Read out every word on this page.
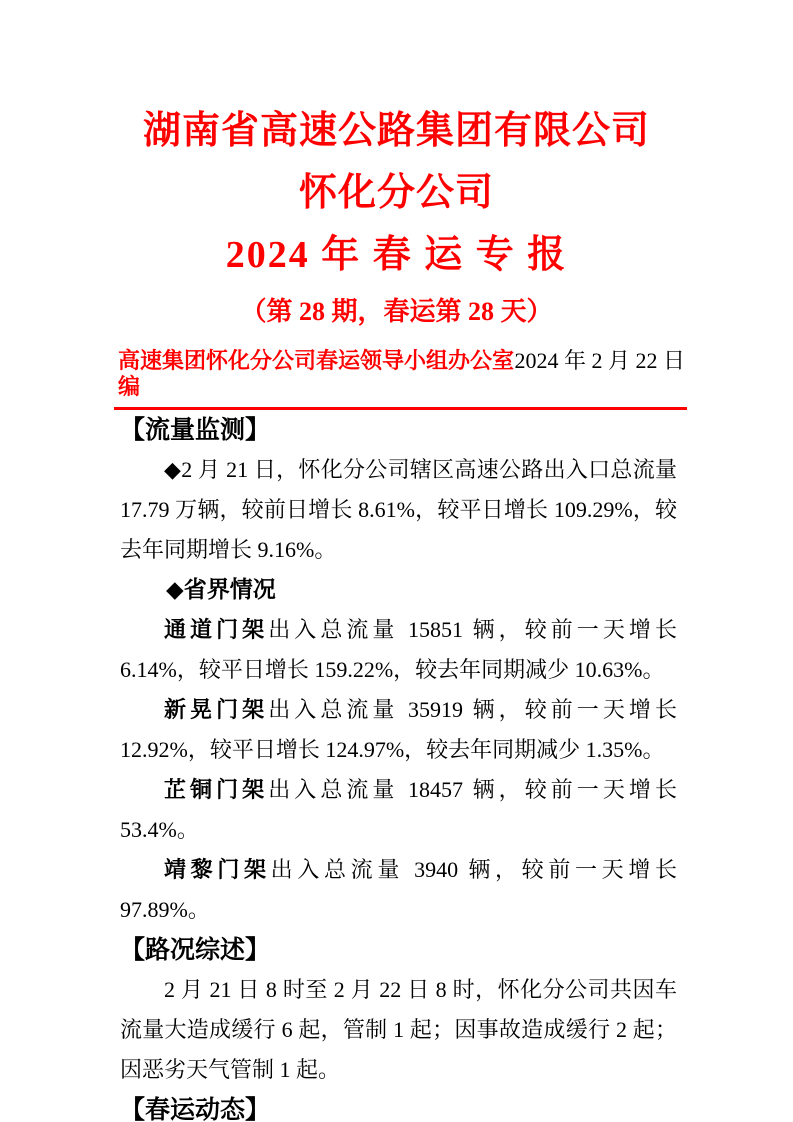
湖南省高速公路集团有限公司
怀化分公司
2024 年 春 运 专 报
（第 28 期，春运第 28 天）
高速集团怀化分公司春运领导小组办公室编
2024 年 2 月 22 日
【流量监测】

◆2 月 21 日，怀化分公司辖区高速公路出入口总流量 17.79 万辆，较前日增长 8.61%，较平日增长 109.29%，较去年同期增长 9.16%。

◆省界情况

通道门架出入总流量 15851 辆，较前一天增长 6.14%，较平日增长 159.22%，较去年同期减少 10.63%。

新晃门架出入总流量 35919 辆，较前一天增长 12.92%，较平日增长 124.97%，较去年同期减少 1.35%。

芷铜门架出入总流量 18457 辆，较前一天增长 53.4%。

靖黎门架出入总流量 3940 辆，较前一天增长 97.89%。

【路况综述】

2 月 21 日 8 时至 2 月 22 日 8 时，怀化分公司共因车流量大造成缓行 6 起，管制 1 起；因事故造成缓行 2 起；因恶劣天气管制 1 起。

【春运动态】
